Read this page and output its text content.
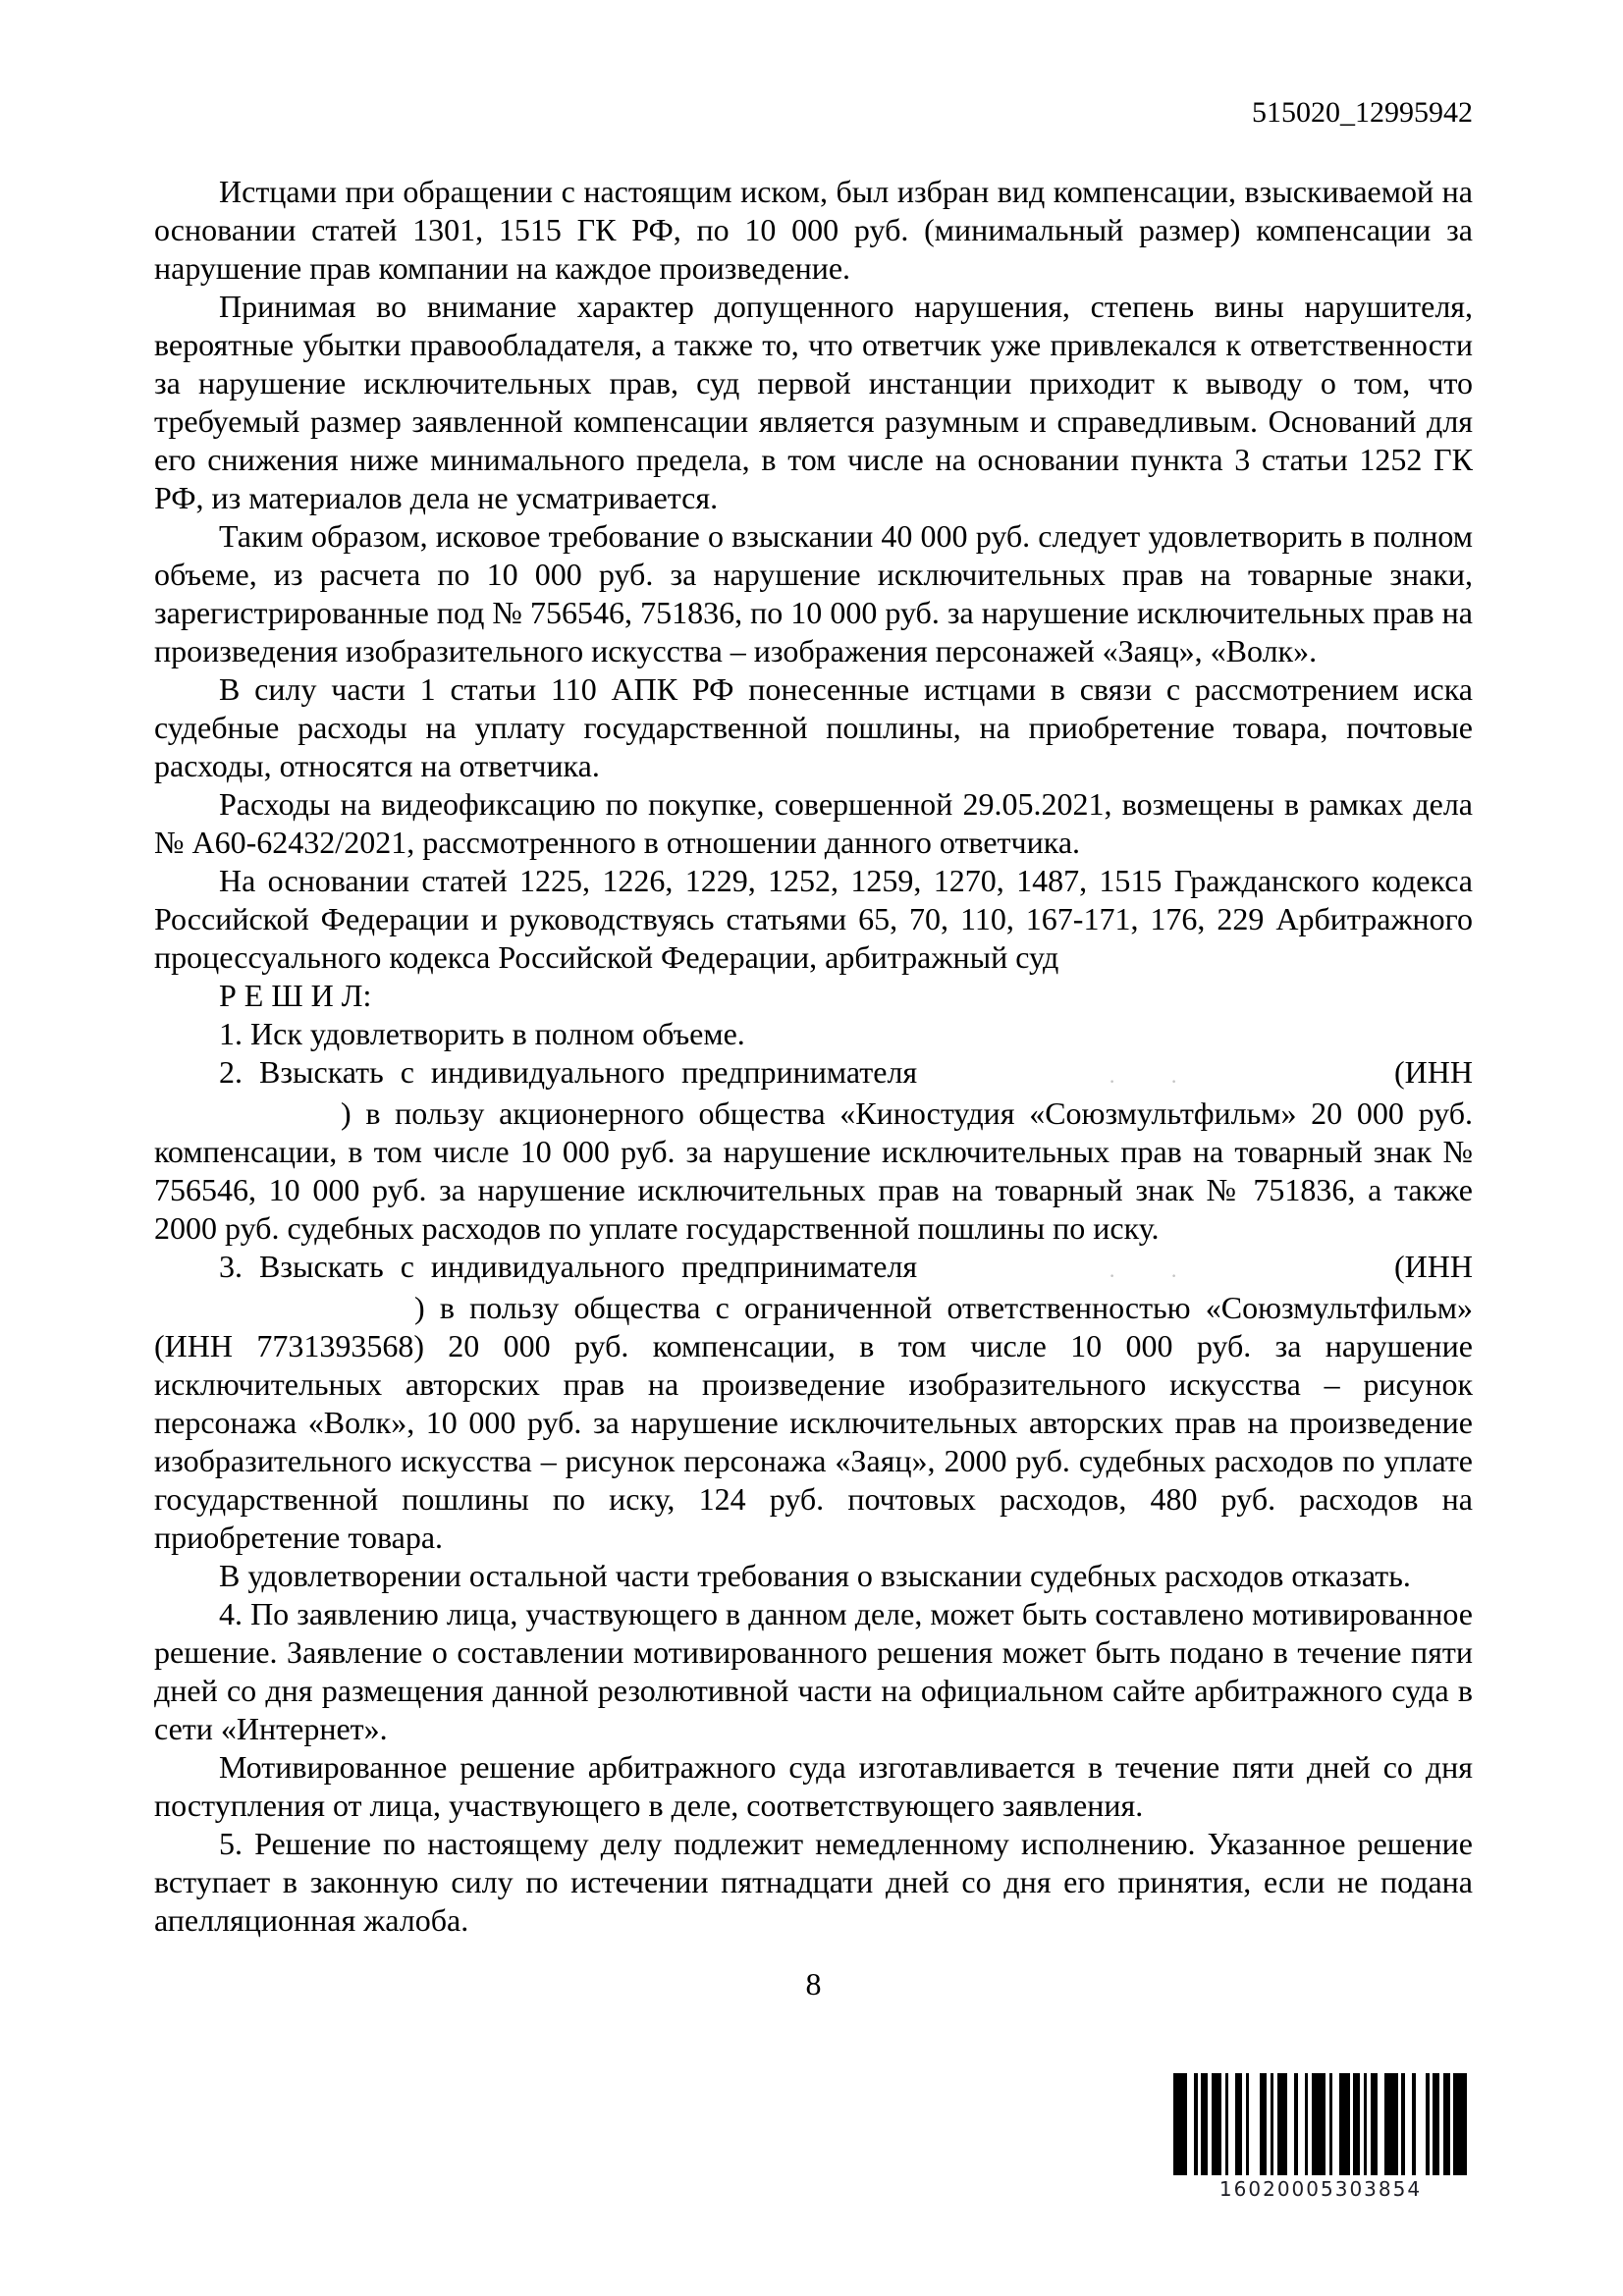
515020_12995942

Истцами при обращении с настоящим иском, был избран вид компенсации, взыскиваемой на основании статей 1301, 1515 ГК РФ, по 10 000 руб. (минимальный размер) компенсации за нарушение прав компании на каждое произведение.

Принимая во внимание характер допущенного нарушения, степень вины нарушителя, вероятные убытки правообладателя, а также то, что ответчик уже привлекался к ответственности за нарушение исключительных прав, суд первой инстанции приходит к выводу о том, что требуемый размер заявленной компенсации является разумным и справедливым. Оснований для его снижения ниже минимального предела, в том числе на основании пункта 3 статьи 1252 ГК РФ, из материалов дела не усматривается.

Таким образом, исковое требование о взыскании 40 000 руб. следует удовлетворить в полном объеме, из расчета по 10 000 руб. за нарушение исключительных прав на товарные знаки, зарегистрированные под № 756546, 751836, по 10 000 руб. за нарушение исключительных прав на произведения изобразительного искусства – изображения персонажей «Заяц», «Волк».

В силу части 1 статьи 110 АПК РФ понесенные истцами в связи с рассмотрением иска судебные расходы на уплату государственной пошлины, на приобретение товара, почтовые расходы, относятся на ответчика.

Расходы на видеофиксацию по покупке, совершенной 29.05.2021, возмещены в рамках дела № А60-62432/2021, рассмотренного в отношении данного ответчика.

На основании статей 1225, 1226, 1229, 1252, 1259, 1270, 1487, 1515 Гражданского кодекса Российской Федерации и руководствуясь статьями 65, 70, 110, 167-171, 176, 229 Арбитражного процессуального кодекса Российской Федерации, арбитражный суд

Р Е Ш И Л:

1. Иск удовлетворить в полном объеме.

2. Взыскать с индивидуального предпринимателя . .	(ИНН

) в пользу акционерного общества «Киностудия «Союзмультфильм» 20 000 руб. компенсации, в том числе 10 000 руб. за нарушение исключительных прав на товарный знак № 756546, 10 000 руб. за нарушение исключительных прав на товарный знак № 751836, а также 2000 руб. судебных расходов по уплате государственной пошлины по иску.

3. Взыскать с индивидуального предпринимателя . .	(ИНН

) в пользу общества с ограниченной ответственностью «Союзмультфильм» (ИНН 7731393568) 20 000 руб. компенсации, в том числе 10 000 руб. за нарушение исключительных авторских прав на произведение изобразительного искусства – рисунок персонажа «Волк», 10 000 руб. за нарушение исключительных авторских прав на произведение изобразительного искусства – рисунок персонажа «Заяц», 2000 руб. судебных расходов по уплате государственной пошлины по иску, 124 руб. почтовых расходов, 480 руб. расходов на приобретение товара.

В удовлетворении остальной части требования о взыскании судебных расходов отказать.

4. По заявлению лица, участвующего в данном деле, может быть составлено мотивированное решение. Заявление о составлении мотивированного решения может быть подано в течение пяти дней со дня размещения данной резолютивной части на официальном сайте арбитражного суда в сети «Интернет».

Мотивированное решение арбитражного суда изготавливается в течение пяти дней со дня поступления от лица, участвующего в деле, соответствующего заявления.

5. Решение по настоящему делу подлежит немедленному исполнению. Указанное решение вступает в законную силу по истечении пятнадцати дней со дня его принятия, если не подана апелляционная жалоба.

8
16020005303854
